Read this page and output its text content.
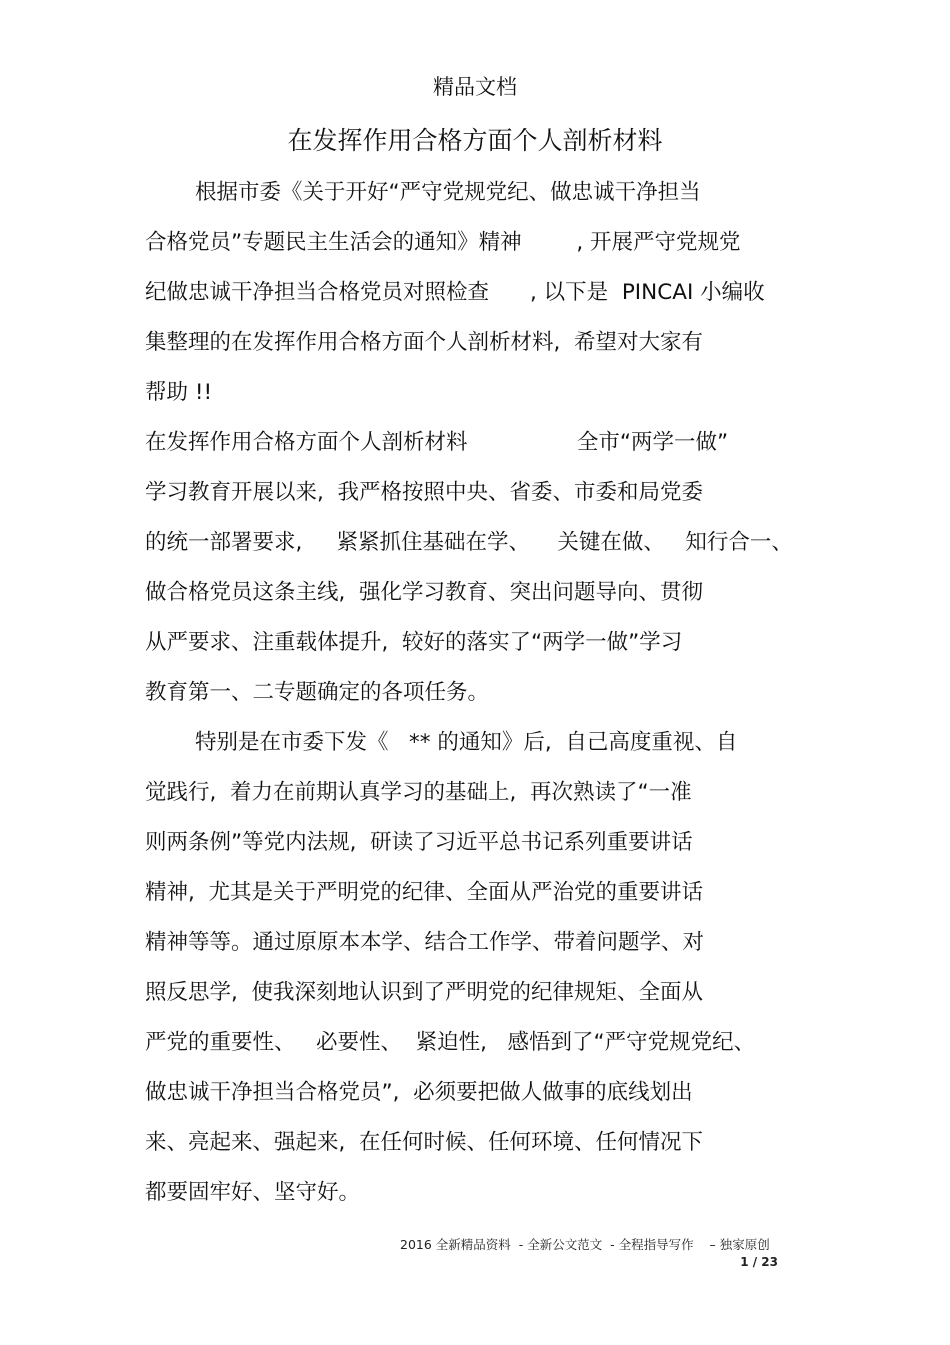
精品文档
在发挥作用合格方面个人剖析材料
根据市委《关于开好“严守党规党纪、做忠诚干净担当
合格党员”专题民主生活会的通知》精神        , 开展严守党规党
纪做忠诚干净担当合格党员对照检查      , 以下是  PINCAI 小编收
集整理的在发挥作用合格方面个人剖析材料,  希望对大家有
帮助 !!
在发挥作用合格方面个人剖析材料                全市“两学一做”
学习教育开展以来,  我严格按照中央、省委、市委和局党委
的统一部署要求,     紧紧抓住基础在学、    关键在做、   知行合一、
做合格党员这条主线,  强化学习教育、突出问题导向、贯彻
从严要求、注重载体提升,  较好的落实了“两学一做”学习
教育第一、二专题确定的各项任务。
特别是在市委下发《   ** 的通知》后,  自己高度重视、自
觉践行,  着力在前期认真学习的基础上,  再次熟读了“一准
则两条例”等党内法规,  研读了习近平总书记系列重要讲话
精神,  尤其是关于严明党的纪律、全面从严治党的重要讲话
精神等等。通过原原本本学、结合工作学、带着问题学、对
照反思学,  使我深刻地认识到了严明党的纪律规矩、全面从
严党的重要性、   必要性、  紧迫性,   感悟到了“严守党规党纪、
做忠诚干净担当合格党员”,  必须要把做人做事的底线划出
来、亮起来、强起来,  在任何时候、任何环境、任何情况下
都要固牢好、坚守好。
2016 全新精品资料  - 全新公文范文  - 全程指导写作    – 独家原创
1 / 23
